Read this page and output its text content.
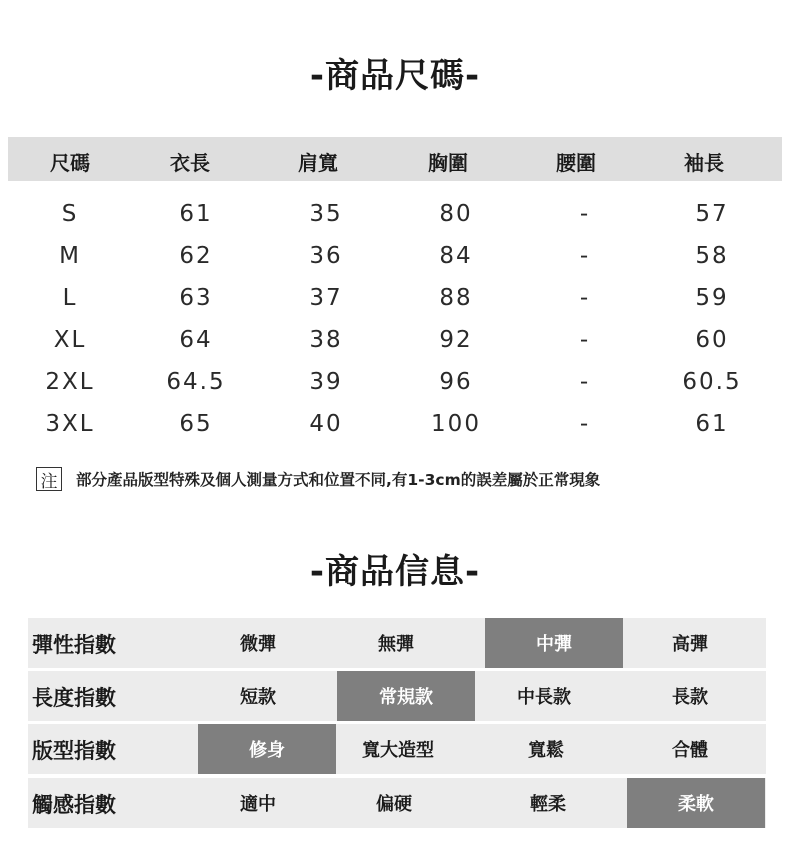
-商品尺碼-
尺碼	衣長	肩寬	胸圍	腰圍	袖長
S	61	35	80	-	57
M	62	36	84	-	58
L	63	37	88	-	59
XL	64	38	92	-	60
2XL	64.5	39	96	-	60.5
3XL	65	40	100	-	61
注 部分產品版型特殊及個人測量方式和位置不同,有1-3cm的誤差屬於正常現象
-商品信息-
彈性指數	微彈	無彈	中彈	高彈
長度指數	短款	常規款	中長款	長款
版型指數	修身	寬大造型	寬鬆	合體
觸感指數	適中	偏硬	輕柔	柔軟
